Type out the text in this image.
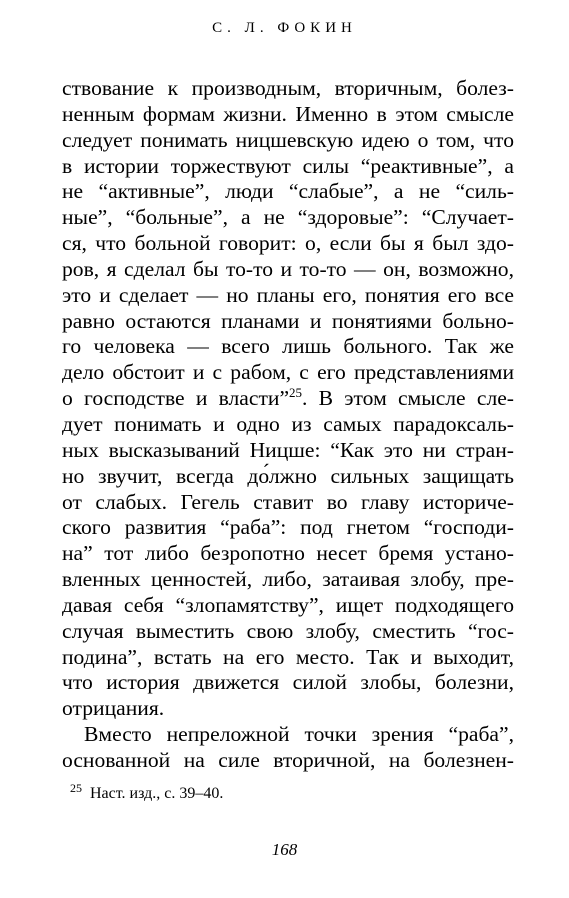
С. Л. ФОКИН
ствование к производным, вторичным, болез-
ненным формам жизни. Именно в этом смысле
следует понимать ницшевскую идею о том, что
в истории торжествуют силы “реактивные”, а
не “активные”, люди “слабые”, а не “силь-
ные”, “больные”, а не “здоровые”: “Случает-
ся, что больной говорит: о, если бы я был здо-
ров, я сделал бы то-то и то-то — он, возможно,
это и сделает — но планы его, понятия его все
равно остаются планами и понятиями больно-
го человека — всего лишь больного. Так же
дело обстоит и с рабом, с его представлениями
о господстве и власти”$^{25}$. В этом смысле сле-
дует понимать и одно из самых парадоксаль-
ных высказываний Ницше: “Как это ни стран-
но звучит, всегда до́лжно сильных защищать
от слабых. Гегель ставит во главу историче-
ского развития “раба”: под гнетом “господи-
на” тот либо безропотно несет бремя устано-
вленных ценностей, либо, затаивая злобу, пре-
давая себя “злопамятству”, ищет подходящего
случая выместить свою злобу, сместить “гос-
подина”, встать на его место. Так и выходит,
что история движется силой злобы, болезни,
отрицания.
Вместо непреложной точки зрения “раба”,
основанной на силе вторичной, на болезнен-
$^{25}$ Наст. изд., с. 39–40.
168
